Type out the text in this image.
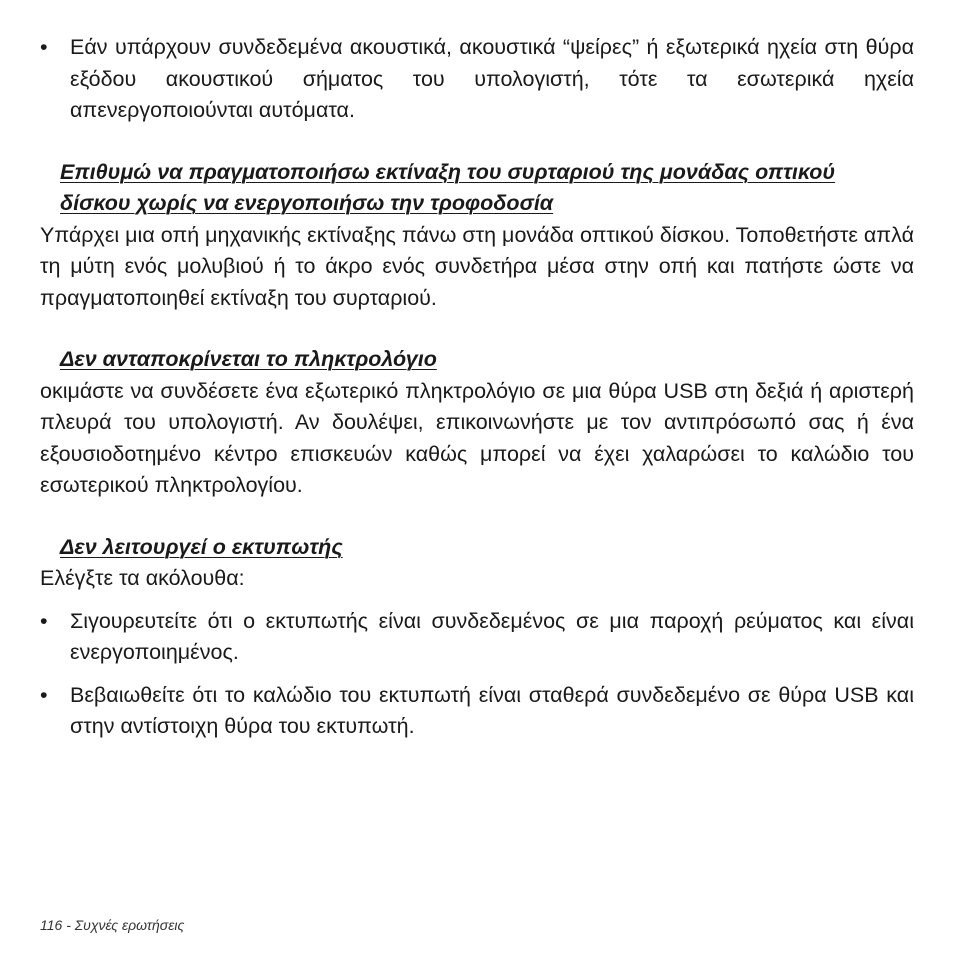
•	Εάν υπάρχουν συνδεδεμένα ακουστικά, ακουστικά “ψείρες” ή εξωτερικά ηχεία στη θύρα εξόδου ακουστικού σήματος του υπολογιστή, τότε τα εσωτερικά ηχεία απενεργοποιούνται αυτόματα.
Επιθυμώ να πραγματοποιήσω εκτίναξη του συρταριού της μονάδας οπτικού δίσκου χωρίς να ενεργοποιήσω την τροφοδοσία

Υπάρχει μια οπή μηχανικής εκτίναξης πάνω στη μονάδα οπτικού δίσκου. Τοποθετήστε απλά τη μύτη ενός μολυβιού ή το άκρο ενός συνδετήρα μέσα στην οπή και πατήστε ώστε να πραγματοποιηθεί εκτίναξη του συρταριού.

Δεν ανταποκρίνεται το πληκτρολόγιο

οκιμάστε να συνδέσετε ένα εξωτερικό πληκτρολόγιο σε μια θύρα USB στη δεξιά ή αριστερή πλευρά του υπολογιστή. Αν δουλέψει, επικοινωνήστε με τον αντιπρόσωπό σας ή ένα εξουσιοδοτημένο κέντρο επισκευών καθώς μπορεί να έχει χαλαρώσει το καλώδιο του εσωτερικού πληκτρολογίου.

Δεν λειτουργεί ο εκτυπωτής

Ελέγξτε τα ακόλουθα:

•	Σιγουρευτείτε ότι ο εκτυπωτής είναι συνδεδεμένος σε μια παροχή ρεύματος και είναι ενεργοποιημένος.
•	Βεβαιωθείτε ότι το καλώδιο του εκτυπωτή είναι σταθερά συνδεδεμένο σε θύρα USB και στην αντίστοιχη θύρα του εκτυπωτή.
116 - Συχνές ερωτήσεις
